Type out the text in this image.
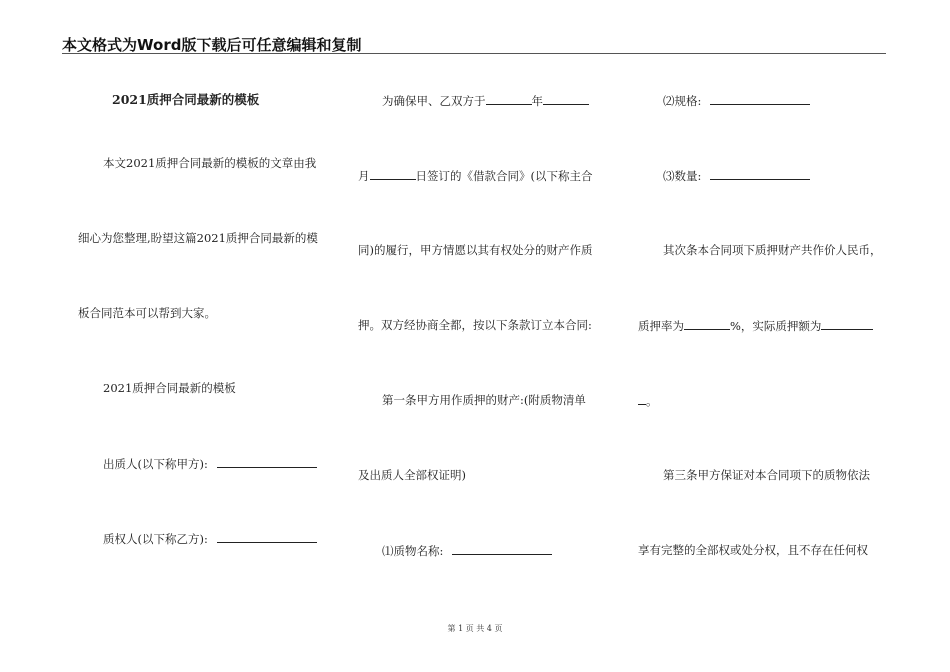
本文格式为Word版下载后可任意编辑和复制
2021质押合同最新的模板
本文2021质押合同最新的模板的文章由我
细心为您整理,盼望这篇2021质押合同最新的模
板合同范本可以帮到大家。
2021质押合同最新的模板
出质人(以下称甲方):
质权人(以下称乙方):
为确保甲、乙双方于	年
月	日签订的《借款合同》(以下称主合
同)的履行，甲方情愿以其有权处分的财产作质
押。双方经协商全都，按以下条款订立本合同:
第一条甲方用作质押的财产:(附质物清单
及出质人全部权证明)
⑴质物名称:
⑵规格:
⑶数量:
其次条本合同项下质押财产共作价人民币，
质押率为	%，实际质押额为
。
第三条甲方保证对本合同项下的质物依法
享有完整的全部权或处分权，且不存在任何权
第 1 页 共 4 页
